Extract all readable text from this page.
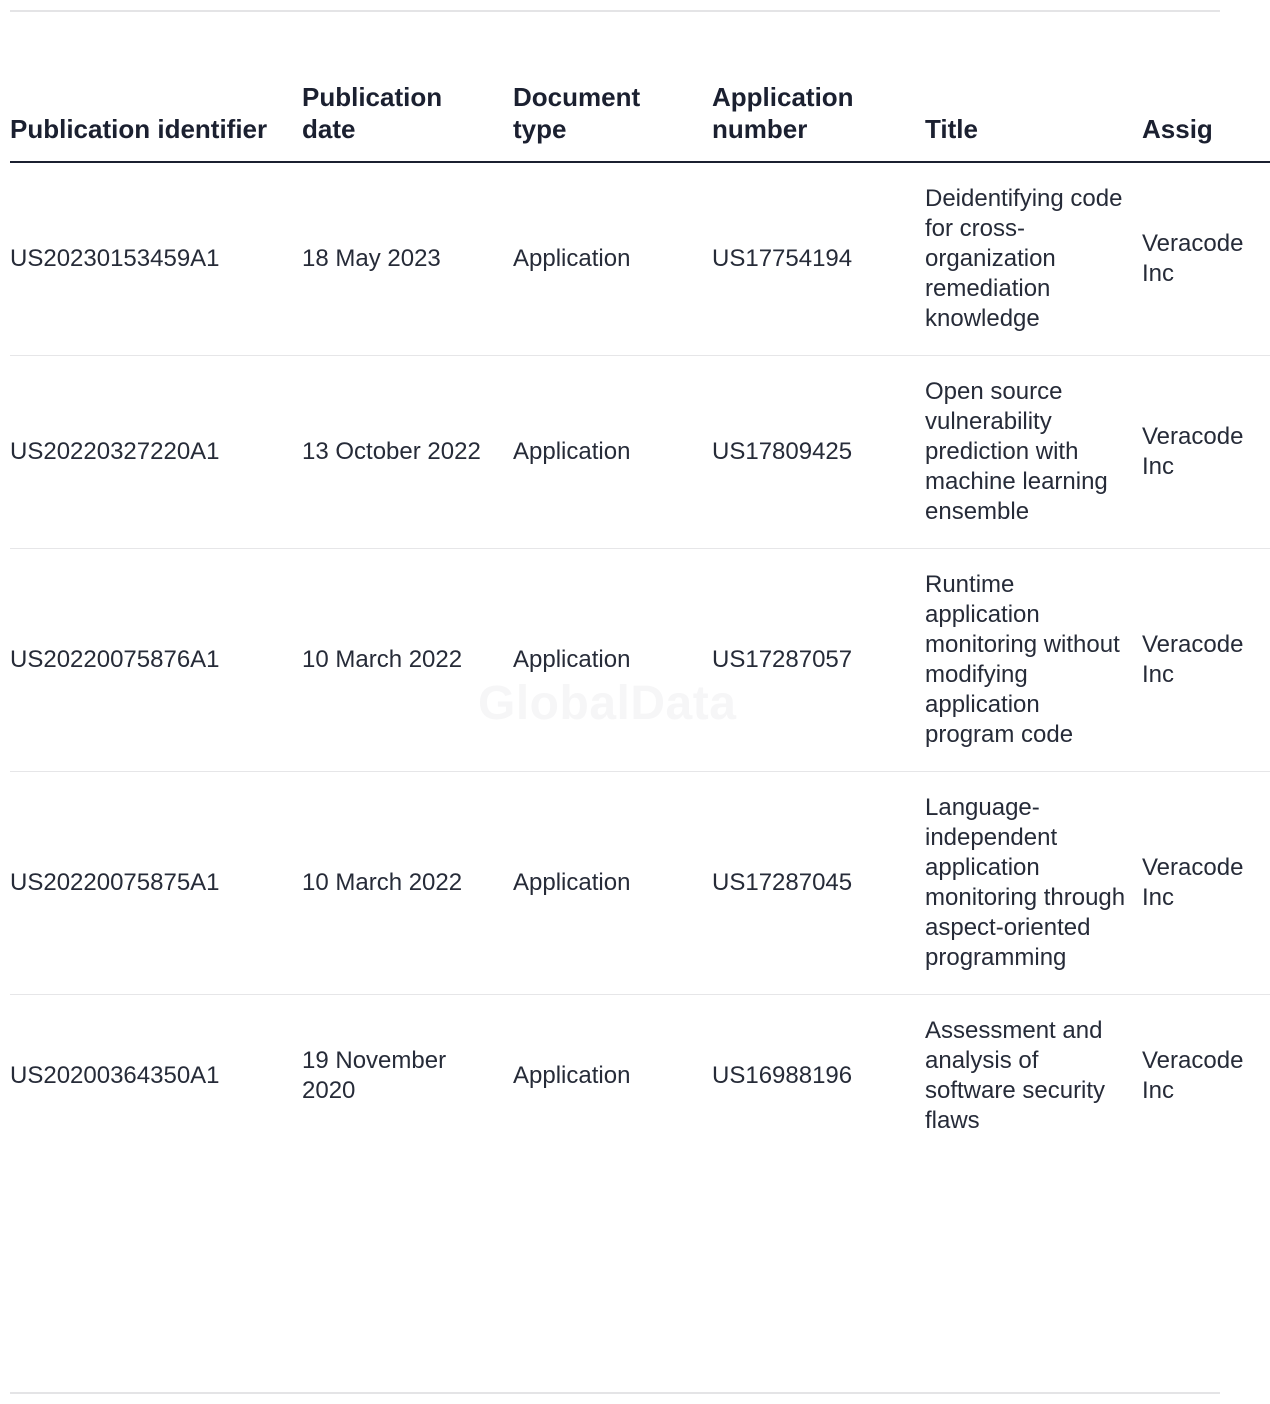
Publication identifier	Publication date	Document type	Application number	Title	Assig
US20230153459A1	18 May 2023	Application	US17754194	Deidentifying code for cross-organization remediation knowledge	Veracode Inc
US20220327220A1	13 October 2022	Application	US17809425	Open source vulnerability prediction with machine learning ensemble	Veracode Inc
US20220075876A1	10 March 2022	Application	US17287057	Runtime application monitoring without modifying application program code	Veracode Inc
US20220075875A1	10 March 2022	Application	US17287045	Language-independent application monitoring through aspect-oriented programming	Veracode Inc
US20200364350A1	19 November 2020	Application	US16988196	Assessment and analysis of software security flaws	Veracode Inc
GlobalData
